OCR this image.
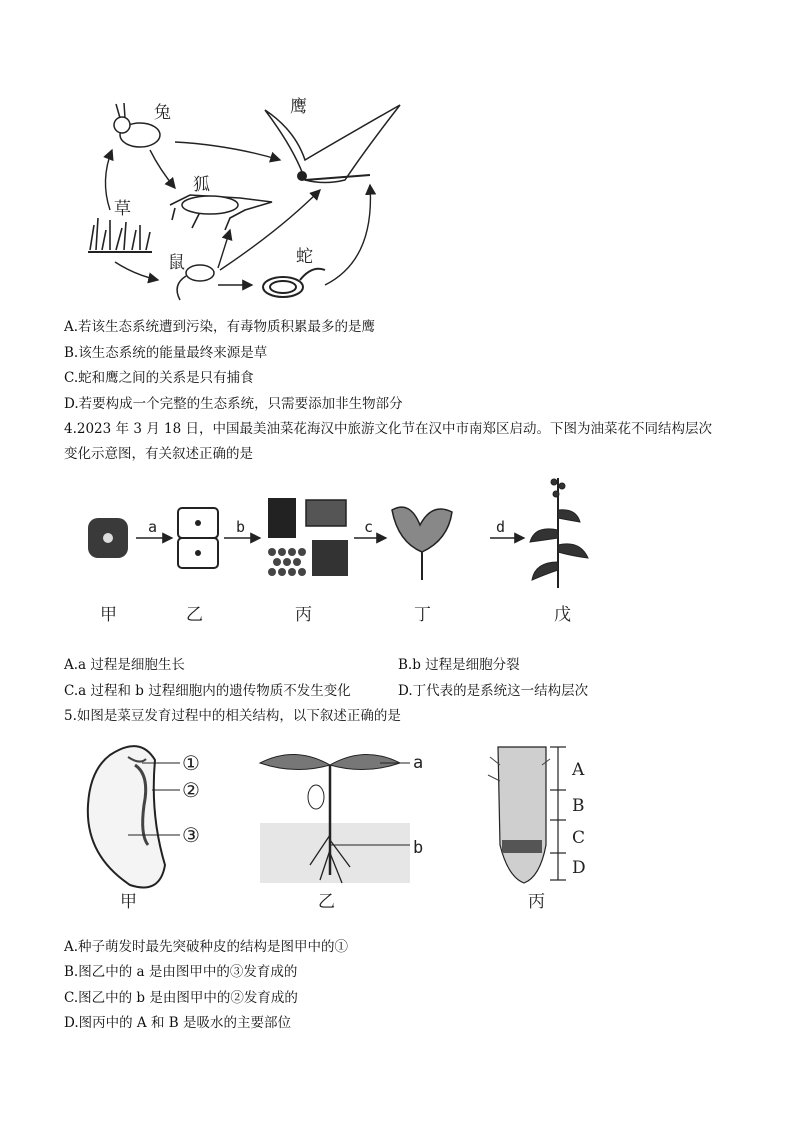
兔	鹰
草
狐
鼠	蛇
A.若该生态系统遭到污染，有毒物质积累最多的是鹰
B.该生态系统的能量最终来源是草
C.蛇和鹰之间的关系是只有捕食
D.若要构成一个完整的生态系统，只需要添加非生物部分
4.2023 年 3 月 18 日，中国最美油菜花海汉中旅游文化节在汉中市南郑区启动。下图为油菜花不同结构层次
变化示意图，有关叙述正确的是
a	b	c	d
甲	乙	丙	丁	戊
A.a 过程是细胞生长	B.b 过程是细胞分裂
C.a 过程和 b 过程细胞内的遗传物质不发生变化	D.丁代表的是系统这一结构层次
5.如图是菜豆发育过程中的相关结构，以下叙述正确的是
①
②
③
a
b
A
B
C
D
甲	乙	丙
A.种子萌发时最先突破种皮的结构是图甲中的①
B.图乙中的 a 是由图甲中的③发育成的
C.图乙中的 b 是由图甲中的②发育成的
D.图丙中的 A 和 B 是吸水的主要部位
